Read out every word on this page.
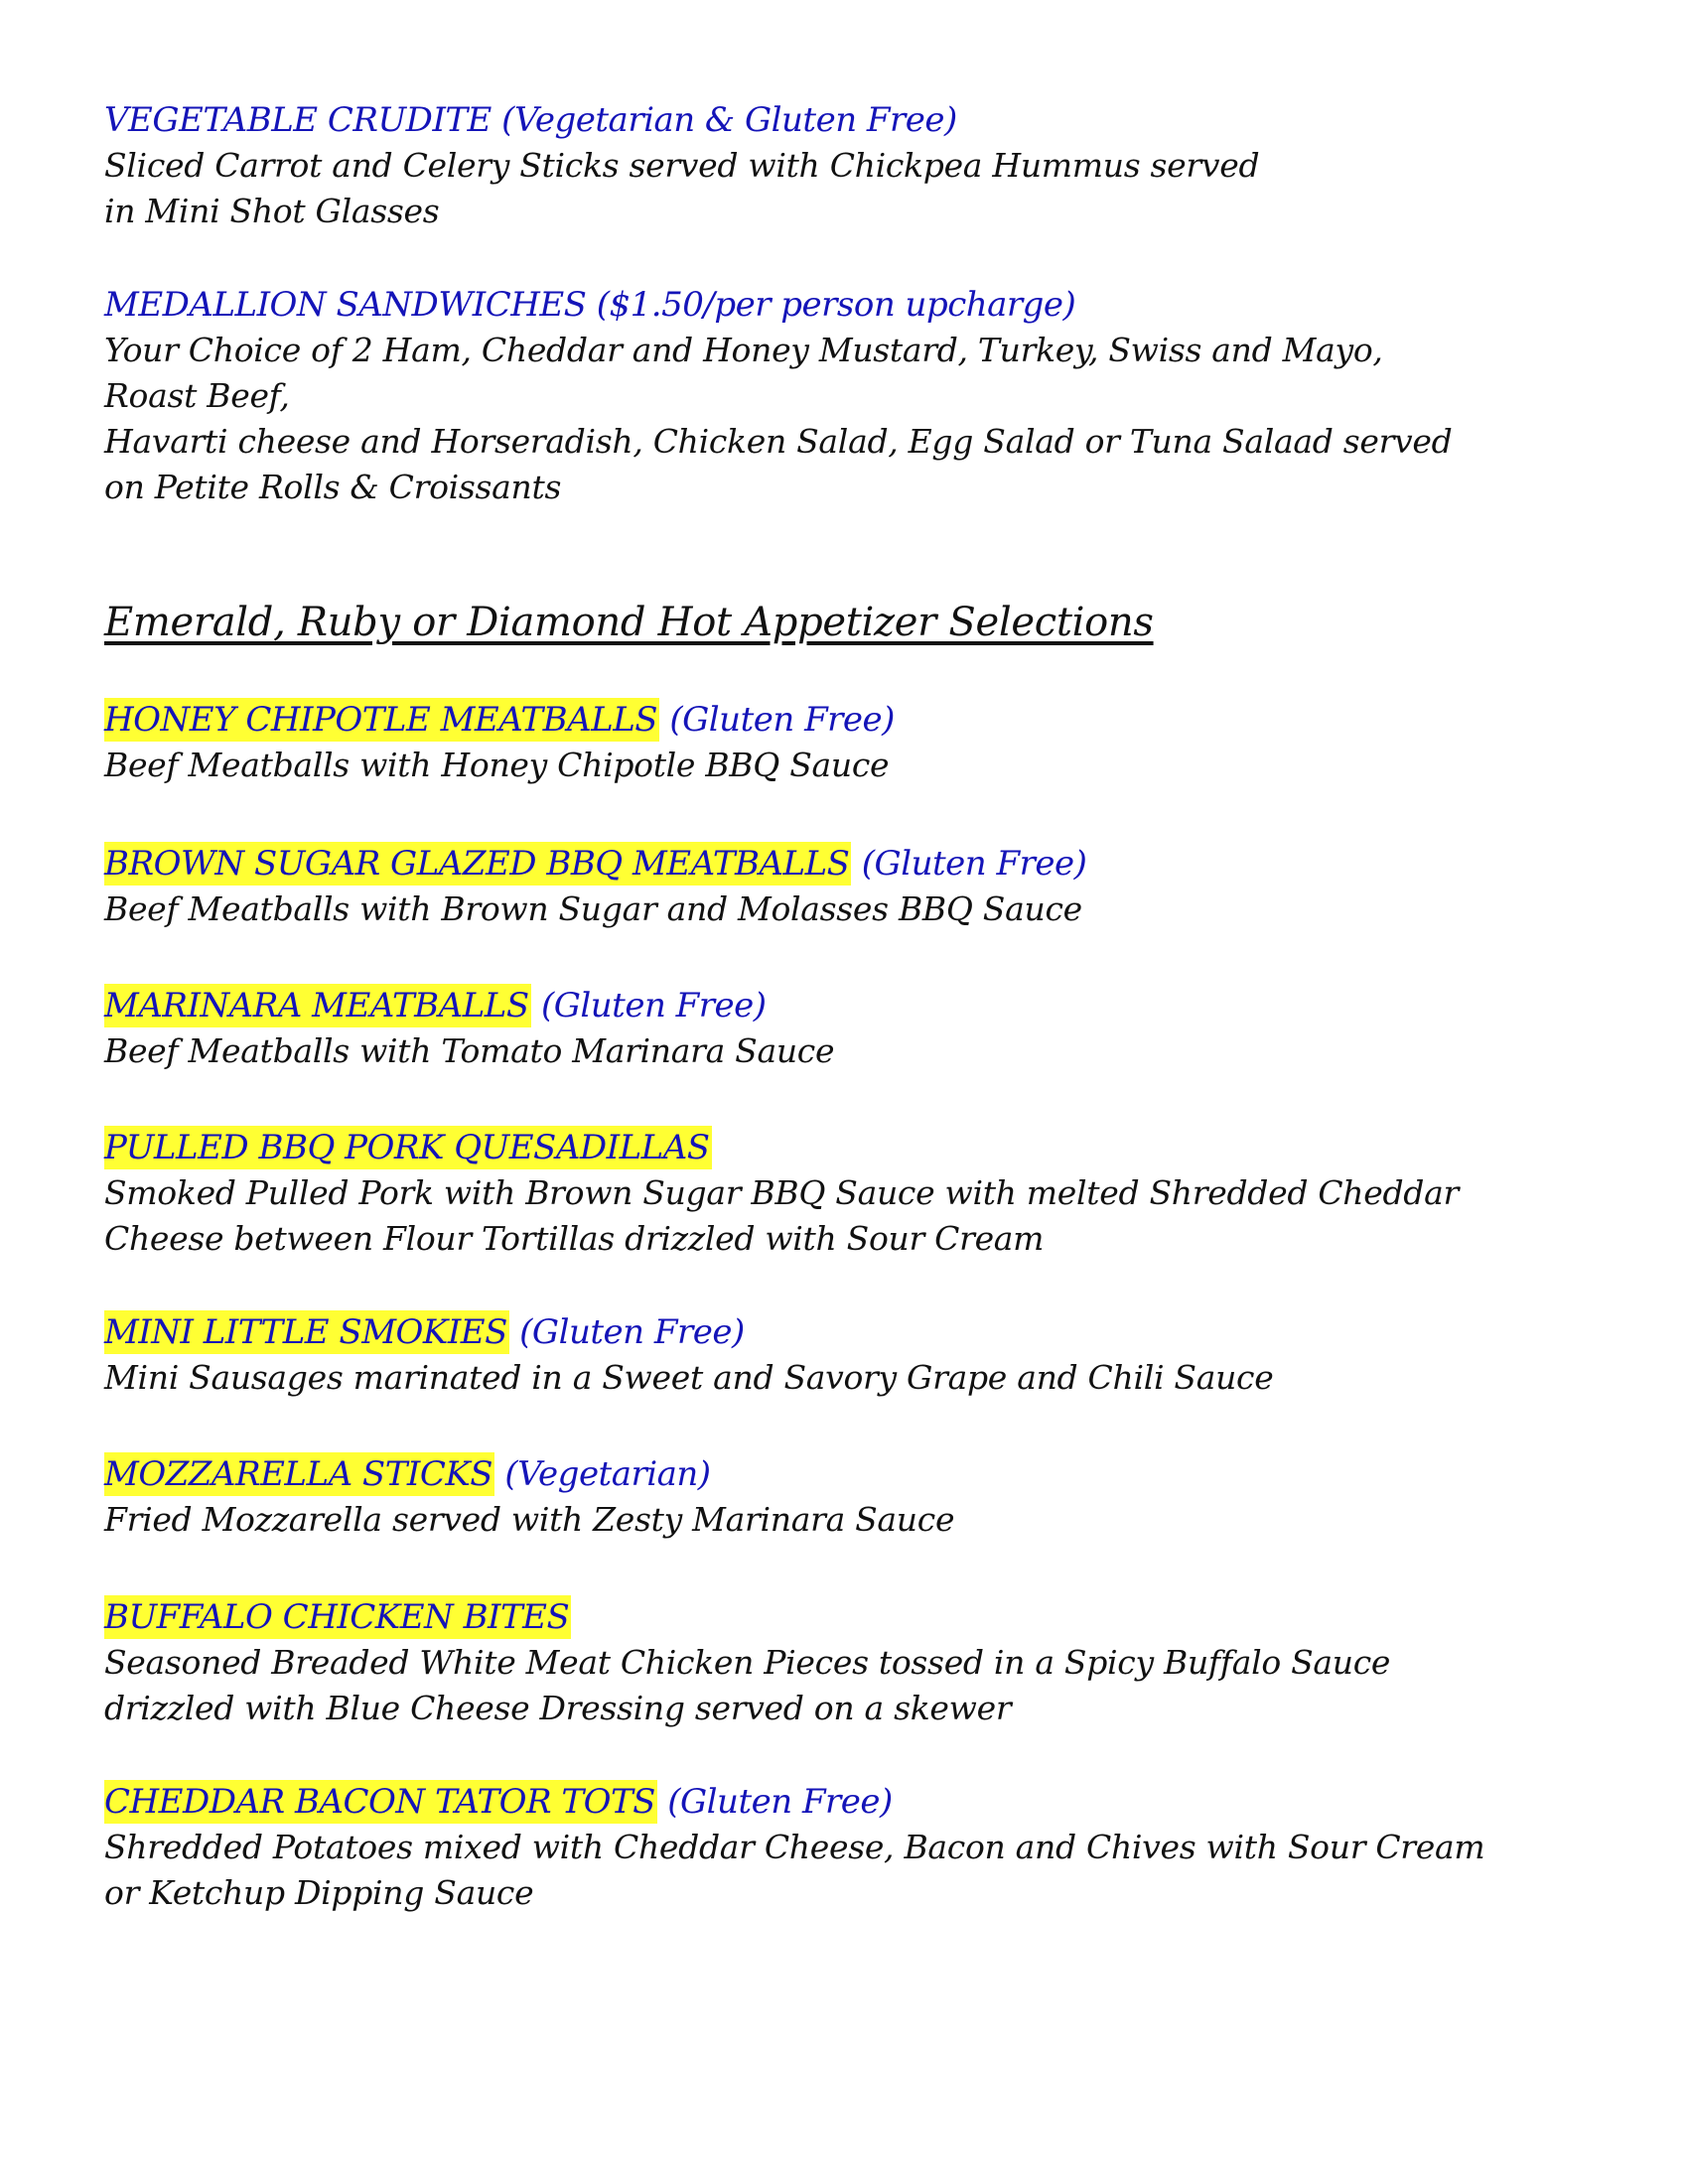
VEGETABLE CRUDITE (Vegetarian & Gluten Free)
Sliced Carrot and Celery Sticks served with Chickpea Hummus served
in Mini Shot Glasses
MEDALLION SANDWICHES ($1.50/per person upcharge)
Your Choice of 2 Ham, Cheddar and Honey Mustard, Turkey, Swiss and Mayo,
Roast Beef,
Havarti cheese and Horseradish, Chicken Salad, Egg Salad or Tuna Salaad served
on Petite Rolls & Croissants
Emerald, Ruby or Diamond Hot Appetizer Selections
HONEY CHIPOTLE MEATBALLS (Gluten Free)
Beef Meatballs with Honey Chipotle BBQ Sauce
BROWN SUGAR GLAZED BBQ MEATBALLS (Gluten Free)
Beef Meatballs with Brown Sugar and Molasses BBQ Sauce
MARINARA MEATBALLS (Gluten Free)
Beef Meatballs with Tomato Marinara Sauce
PULLED BBQ PORK QUESADILLAS
Smoked Pulled Pork with Brown Sugar BBQ Sauce with melted Shredded Cheddar
Cheese between Flour Tortillas drizzled with Sour Cream
MINI LITTLE SMOKIES (Gluten Free)
Mini Sausages marinated in a Sweet and Savory Grape and Chili Sauce
MOZZARELLA STICKS (Vegetarian)
Fried Mozzarella served with Zesty Marinara Sauce
BUFFALO CHICKEN BITES
Seasoned Breaded White Meat Chicken Pieces tossed in a Spicy Buffalo Sauce
drizzled with Blue Cheese Dressing served on a skewer
CHEDDAR BACON TATOR TOTS (Gluten Free)
Shredded Potatoes mixed with Cheddar Cheese, Bacon and Chives with Sour Cream
or Ketchup Dipping Sauce
